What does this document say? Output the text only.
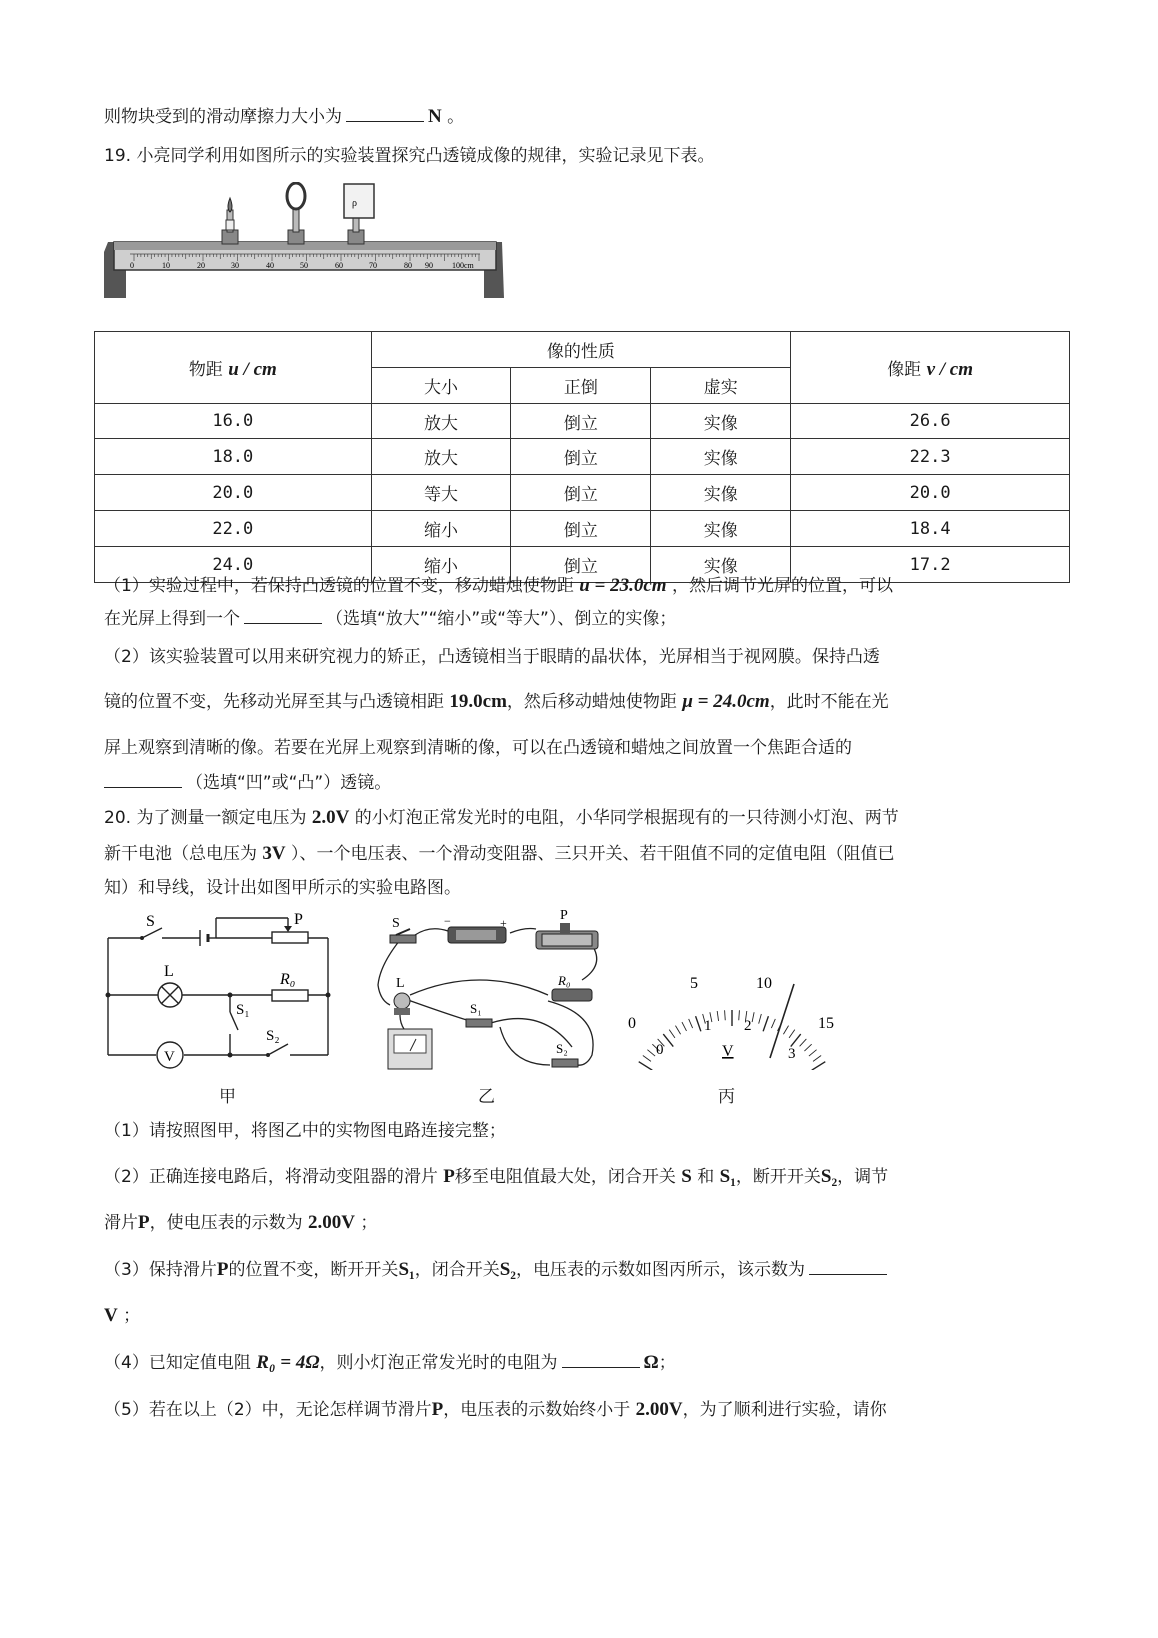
则物块受到的滑动摩擦力大小为	N 。
19. 小亮同学利用如图所示的实验装置探究凸透镜成像的规律，实验记录见下表。
0	10	20	30	40	50	60	70	80 90 100cm
ρ
物距 u / cm	像的性质			像距 v / cm
	大小	正倒	虚实	
16.0	放大	倒立	实像	26.6
18.0	放大	倒立	实像	22.3
20.0	等大	倒立	实像	20.0
22.0	缩小	倒立	实像	18.4
24.0	缩小	倒立	实像	17.2
（1）实验过程中，若保持凸透镜的位置不变，移动蜡烛使物距 u = 23.0cm ，然后调节光屏的位置，可以
在光屏上得到一个	（选填“放大”“缩小”或“等大”）、倒立的实像；
（2）该实验装置可以用来研究视力的矫正，凸透镜相当于眼睛的晶状体，光屏相当于视网膜。保持凸透
镜的位置不变，先移动光屏至其与凸透镜相距 19.0cm，然后移动蜡烛使物距 μ = 24.0cm，此时不能在光
屏上观察到清晰的像。若要在光屏上观察到清晰的像，可以在凸透镜和蜡烛之间放置一个焦距合适的
（选填“凹”或“凸”）透镜。
20. 为了测量一额定电压为 2.0V 的小灯泡正常发光时的电阻，小华同学根据现有的一只待测小灯泡、两节
新干电池（总电压为 3V ）、一个电压表、一个滑动变阻器、三只开关、若干阻值不同的定值电阻（阻值已
知）和导线，设计出如图甲所示的实验电路图。
S	P
L	R₀
S₁
S₂
V
甲
S	+
−	P
L	R₀
S₁
S₂
乙
0
5	10
15
0
1 2
3
V
丙
（1）请按照图甲，将图乙中的实物图电路连接完整；
（2）正确连接电路后，将滑动变阻器的滑片 P移至电阻值最大处，闭合开关 S 和 S₁，断开开关S₂，调节
滑片P，使电压表的示数为 2.00V ；
（3）保持滑片P的位置不变，断开开关S₁，闭合开关S₂，电压表的示数如图丙所示，该示数为
V ；
（4）已知定值电阻 R₀ = 4Ω，则小灯泡正常发光时的电阻为	Ω；
（5）若在以上（2）中，无论怎样调节滑片P，电压表的示数始终小于 2.00V，为了顺利进行实验，请你
